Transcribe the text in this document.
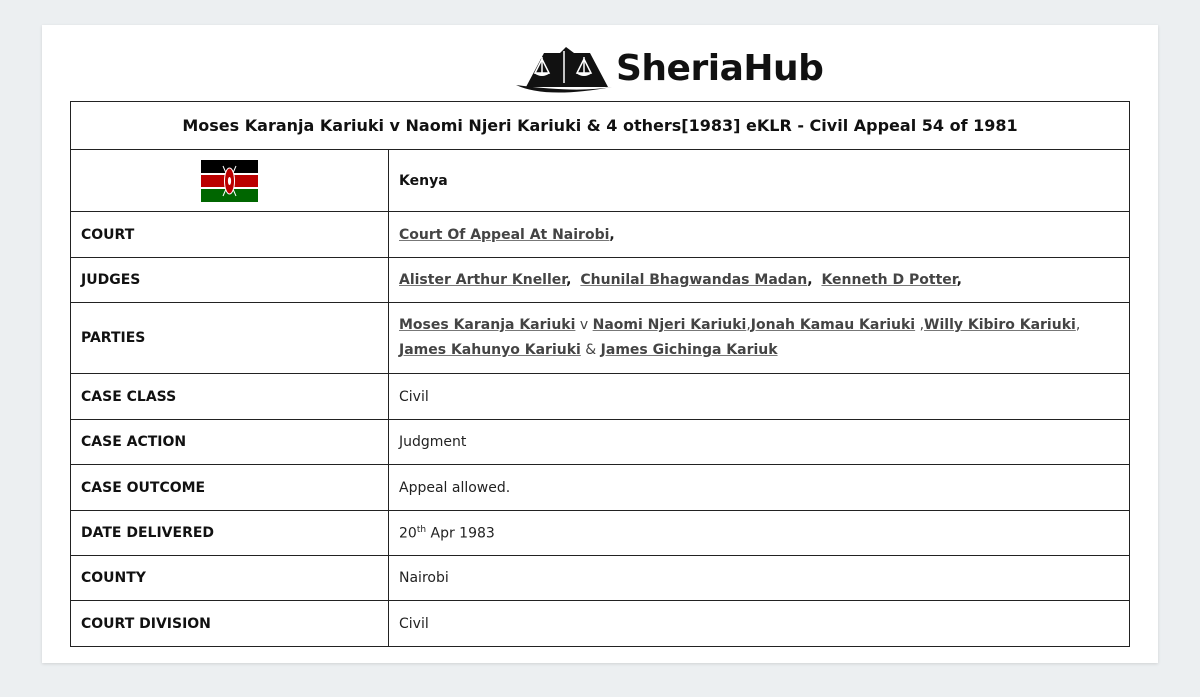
SheriaHub
Moses Karanja Kariuki v Naomi Njeri Kariuki & 4 others[1983] eKLR - Civil Appeal 54 of 1981	

	Kenya
COURT	Court Of Appeal At Nairobi,
JUDGES	Alister Arthur Kneller, Chunilal Bhagwandas Madan, Kenneth D Potter,
PARTIES	Moses Karanja Kariuki v Naomi Njeri Kariuki,Jonah Kamau Kariuki ,Willy Kibiro Kariuki,
James Kahunyo Kariuki & James Gichinga Kariuk
CASE CLASS	Civil
CASE ACTION	Judgment
CASE OUTCOME	Appeal allowed.
DATE DELIVERED	20th Apr 1983
COUNTY	Nairobi
COURT DIVISION	Civil
